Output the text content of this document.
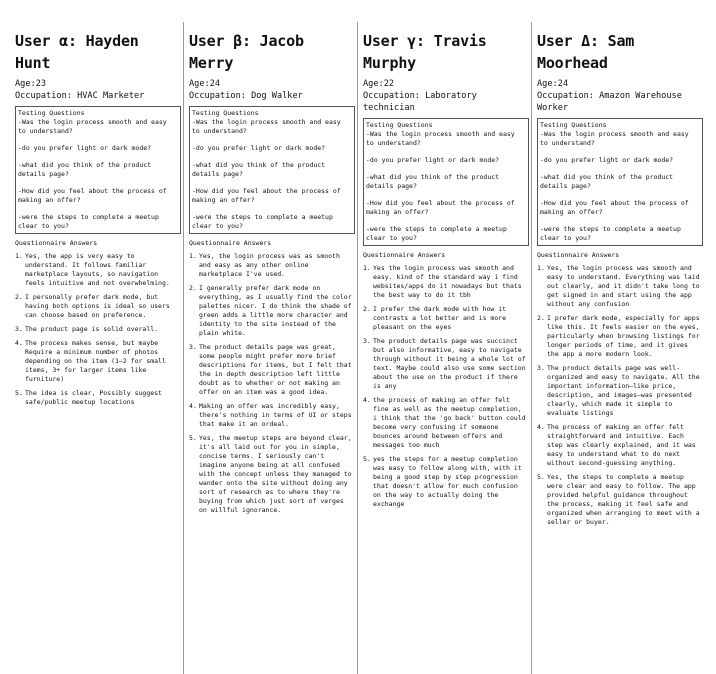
User α: Hayden Hunt
Age:23
Occupation: HVAC Marketer
Testing Questions
-Was the login process smooth and easy to understand?
-do you prefer light or dark mode?
-what did you think of the product details page?
-How did you feel about the process of making an offer?
-were the steps to complete a meetup clear to you?
Questionnaire Answers
1. Yes, the app is very easy to understand. It follows familiar marketplace layouts, so navigation feels intuitive and not overwhelming.
2. I personally prefer dark mode, but having both options is ideal so users can choose based on preference.
3. The product page is solid overall.
4. The process makes sense, but maybe Require a minimum number of photos depending on the item (1–2 for small items, 3+ for larger items like furniture)
5. The idea is clear, Possibly suggest safe/public meetup locations
User β: Jacob Merry
Age:24
Occupation: Dog Walker
Testing Questions
-Was the login process smooth and easy to understand?
-do you prefer light or dark mode?
-what did you think of the product details page?
-How did you feel about the process of making an offer?
-were the steps to complete a meetup clear to you?
Questionnaire Answers
1. Yes, the login process was as smooth and easy as any other online marketplace I've used.
2. I generally prefer dark mode on everything, as I usually find the color palettes nicer. I do think the shade of green adds a little more character and identity to the site instead of the plain white.
3. The product details page was great, some people might prefer more brief descriptions for items, but I felt that the in depth description left little doubt as to whether or not making an offer on an item was a good idea.
4. Making an offer was incredibly easy, there's nothing in terms of UI or steps that make it an ordeal.
5. Yes, the meetup steps are beyond clear, it's all laid out for you in simple, concise terms. I seriously can't imagine anyone being at all confused with the concept unless they managed to wander onto the site without doing any sort of research as to where they're buying from which just sort of verges on willful ignorance.
User γ: Travis Murphy
Age:22
Occupation: Laboratory technician
Testing Questions
-Was the login process smooth and easy to understand?
-do you prefer light or dark mode?
-what did you think of the product details page?
-How did you feel about the process of making an offer?
-were the steps to complete a meetup clear to you?
Questionnaire Answers
1. Yes the login process was smooth and easy. kind of the standard way i find websites/apps do it nowadays but thats the best way to do it tbh
2. I prefer the dark mode with how it contrasts a lot better and is more pleasant on the eyes
3. The product details page was succinct but also informative, easy to navigate through without it being a whole lot of text. Maybe could also use some section about the use on the product if there is any
4. the process of making an offer felt fine as well as the meetup completion, i think that the 'go back' button could become very confusing if someone bounces around between offers and messages too much
5. yes the steps for a meetup completion was easy to follow along with, with it being a good step by step progression that doesn't allow for much confusion on the way to actually doing the exchange
User Δ: Sam Moorhead
Age:24
Occupation: Amazon Warehouse Worker
Testing Questions
-Was the login process smooth and easy to understand?
-do you prefer light or dark mode?
-what did you think of the product details page?
-How did you feel about the process of making an offer?
-were the steps to complete a meetup clear to you?
Questionnaire Answers
1. Yes, the login process was smooth and easy to understand. Everything was laid out clearly, and it didn't take long to get signed in and start using the app without any confusion
2. I prefer dark mode, especially for apps like this. It feels easier on the eyes, particularly when browsing listings for longer periods of time, and it gives the app a more modern look.
3. The product details page was well-organized and easy to navigate. All the important information—like price, description, and images—was presented clearly, which made it simple to evaluate listings
4. The process of making an offer felt straightforward and intuitive. Each step was clearly explained, and it was easy to understand what to do next without second-guessing anything.
5. Yes, the steps to complete a meetup were clear and easy to follow. The app provided helpful guidance throughout the process, making it feel safe and organized when arranging to meet with a seller or buyer.
